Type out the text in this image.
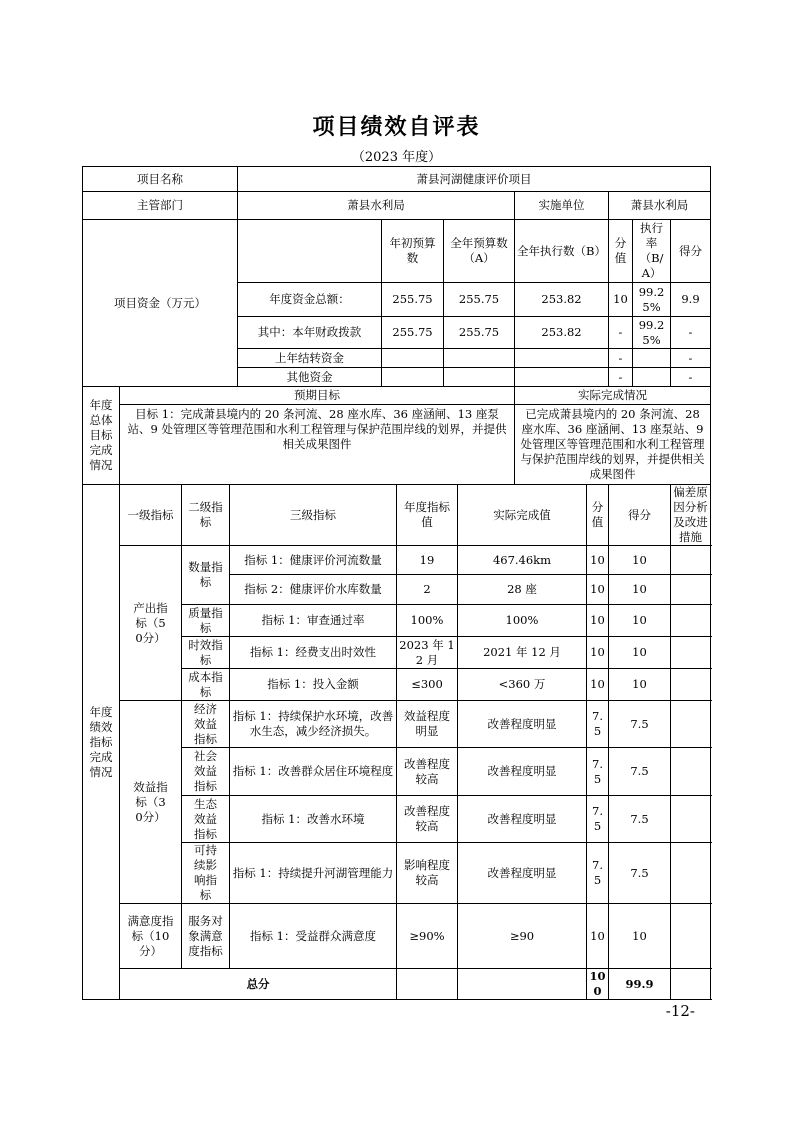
项目绩效自评表
（2023 年度）
项目名称				萧县河湖健康评价项目									
主管部门				萧县水利局					实施单位		萧县水利局		
项目资金（万元）					年初预算数		全年预算数（A）		全年执行数（B）		分值	执行率（B/A）	得分
				年度资金总额：	255.75		255.75		253.82		10	99.25%	9.9
				其中：本年财政拨款	255.75		255.75		253.82		-	99.25%	-
				上年结转资金							-		-
				其他资金							-		-
年度总体目标完成情况	预期目标								实际完成情况				
	目标 1：完成萧县境内的 20 条河流、28 座水库、36 座涵闸、13 座泵站、9 处管理区等管理范围和水利工程管理与保护范围岸线的划界，并提供相关成果图件								已完成萧县境内的 20 条河流、28 座水库、36 座涵闸、13 座泵站、9 处管理区等管理范围和水利工程管理与保护范围岸线的划界，并提供相关成果图件				
年度绩效指标完成情况	一级指标	二级指标	三级指标			年度指标值		实际完成值		分值	得分		偏差原因分析及改进措施
	产出指标（50分）	数量指标	指标 1：健康评价河流数量			19		467.46km		10	10		
			指标 2：健康评价水库数量			2		28 座		10	10		
		质量指标	指标 1：审查通过率			100%		100%		10	10		
		时效指标	指标 1：经费支出时效性			2023 年 12 月		2021 年 12 月		10	10		
		成本指标	指标 1：投入金额			≤300		<360 万		10	10		
	效益指标（30分）	经济效益指标	指标 1：持续保护水环境，改善水生态，减少经济损失。			效益程度明显		改善程度明显		7.5	7.5		
		社会效益指标	指标 1：改善群众居住环境程度			改善程度较高		改善程度明显		7.5	7.5		
		生态效益指标	指标 1：改善水环境			改善程度较高		改善程度明显		7.5	7.5		
		可持续影响指标	指标 1：持续提升河湖管理能力			影响程度较高		改善程度明显		7.5	7.5		
	满意度指标（10分）	服务对象满意度指标	指标 1：受益群众满意度			≥90%		≥90		10	10		
	总分									100	99.9		
-12-
